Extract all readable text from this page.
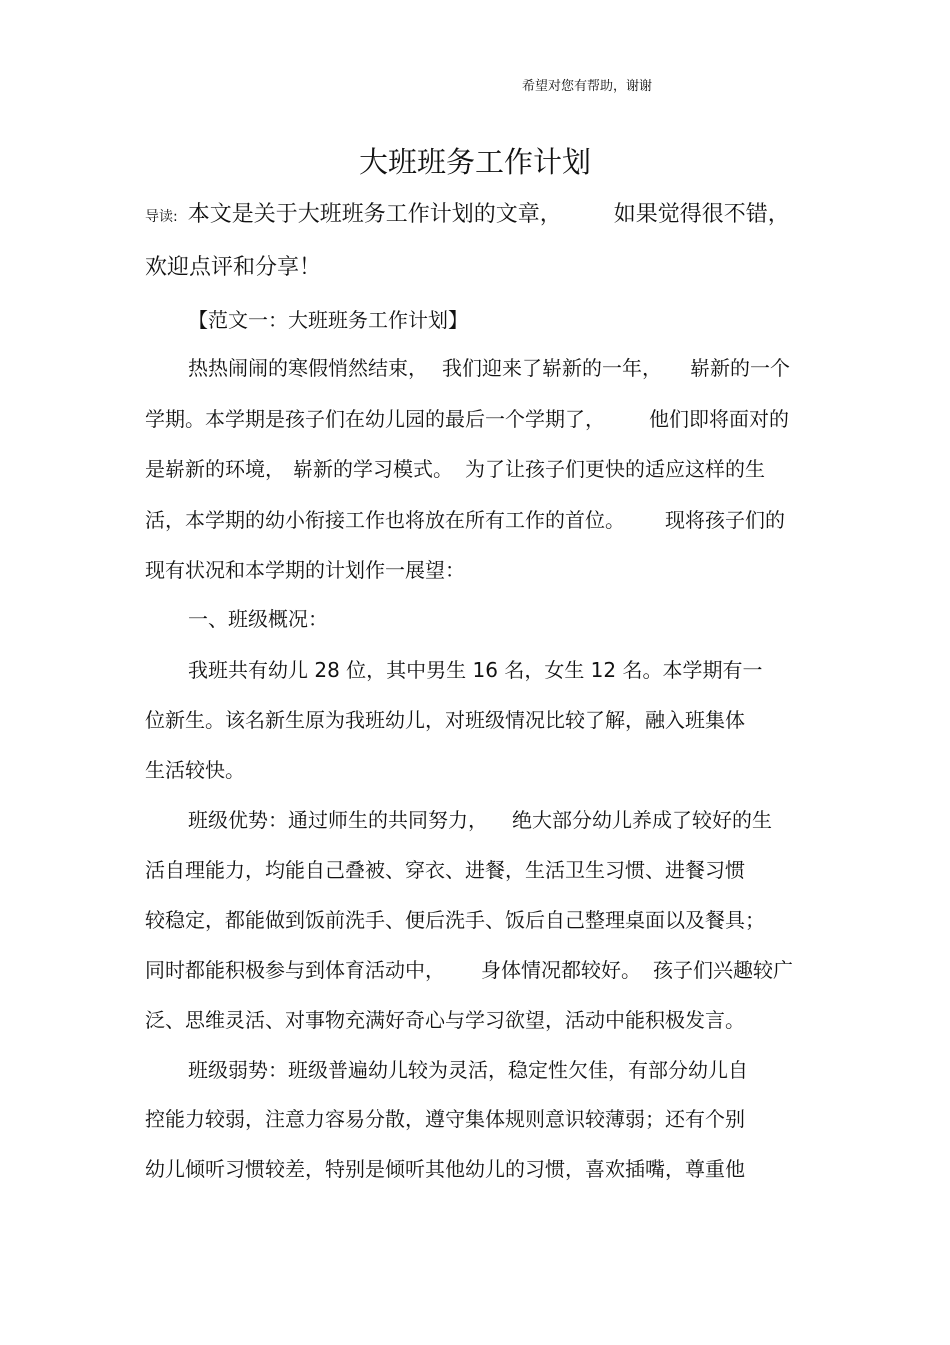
希望对您有帮助，谢谢
大班班务工作计划
导读: 本文是关于大班班务工作计划的文章， 如果觉得很不错，
欢迎点评和分享！
【范文一：大班班务工作计划】
热热闹闹的寒假悄然结束， 我们迎来了崭新的一年， 崭新的一个
学期。本学期是孩子们在幼儿园的最后一个学期了， 他们即将面对的
是崭新的环境， 崭新的学习模式。 为了让孩子们更快的适应这样的生
活，本学期的幼小衔接工作也将放在所有工作的首位。 现将孩子们的
现有状况和本学期的计划作一展望：
一、班级概况：
我班共有幼儿 28 位，其中男生 16 名，女生 12 名。本学期有一
位新生。该名新生原为我班幼儿，对班级情况比较了解，融入班集体
生活较快。
班级优势：通过师生的共同努力， 绝大部分幼儿养成了较好的生
活自理能力，均能自己叠被、穿衣、进餐，生活卫生习惯、进餐习惯
较稳定，都能做到饭前洗手、便后洗手、饭后自己整理桌面以及餐具；
同时都能积极参与到体育活动中， 身体情况都较好。 孩子们兴趣较广
泛、思维灵活、对事物充满好奇心与学习欲望，活动中能积极发言。
班级弱势：班级普遍幼儿较为灵活，稳定性欠佳，有部分幼儿自
控能力较弱，注意力容易分散，遵守集体规则意识较薄弱；还有个别
幼儿倾听习惯较差，特别是倾听其他幼儿的习惯，喜欢插嘴，尊重他
